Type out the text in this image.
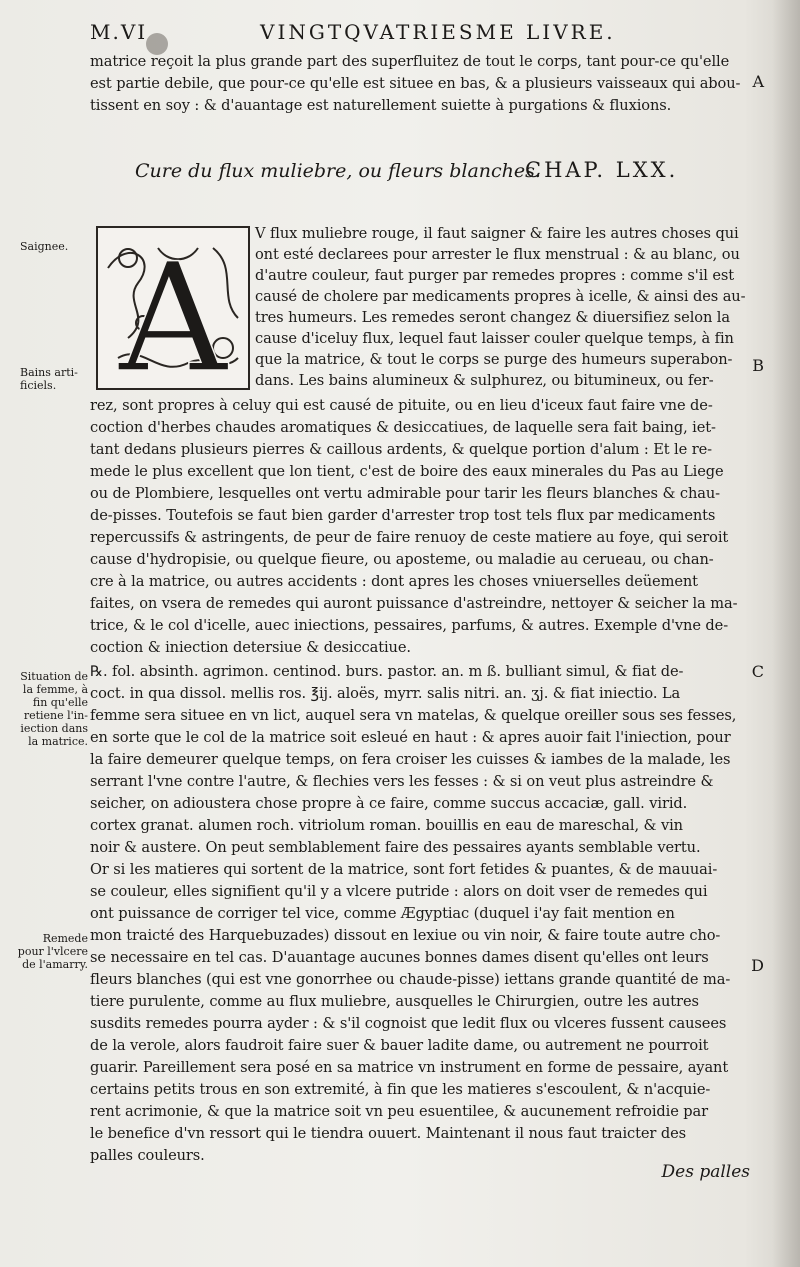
M.VI	VINGTQVATRIESME LIVRE.
matrice reçoit la plus grande part des superfluitez de tout le corps, tant pour-ce qu'elle
est partie debile, que pour-ce qu'elle est situee en bas, & a plusieurs vaisseaux qui abou-
tissent en soy : & d'auantage est naturellement suiette à purgations & fluxions.
Cure du flux muliebre, ou fleurs blanches.
CHAP. LXX.
A V flux muliebre rouge, il faut saigner & faire les autres choses qui
ont esté declarees pour arrester le flux menstrual : & au blanc, ou
d'autre couleur, faut purger par remedes propres : comme s'il est
causé de cholere par medicaments propres à icelle, & ainsi des au-
tres humeurs. Les remedes seront changez & diuersifiez selon la
cause d'iceluy flux, lequel faut laisser couler quelque temps, à fin
que la matrice, & tout le corps se purge des humeurs superabon-
dans. Les bains alumineux & sulphurez, ou bitumineux, ou fer-
rez, sont propres à celuy qui est causé de pituite, ou en lieu d'iceux faut faire vne de-
coction d'herbes chaudes aromatiques & desiccatiues, de laquelle sera fait baing, iet-
tant dedans plusieurs pierres & caillous ardents, & quelque portion d'alum : Et le re-
mede le plus excellent que lon tient, c'est de boire des eaux minerales du Pas au Liege
ou de Plombiere, lesquelles ont vertu admirable pour tarir les fleurs blanches & chau-
de-pisses. Toutefois se faut bien garder d'arrester trop tost tels flux par medicaments
repercussifs & astringents, de peur de faire renuoy de ceste matiere au foye, qui seroit
cause d'hydropisie, ou quelque fieure, ou aposteme, ou maladie au cerueau, ou chan-
cre à la matrice, ou autres accidents : dont apres les choses vniuerselles deüement
faites, on vsera de remedes qui auront puissance d'astreindre, nettoyer & seicher la ma-
trice, & le col d'icelle, auec iniections, pessaires, parfums, & autres. Exemple d'vne de-
coction & iniection detersiue & desiccatiue.
℞. fol. absinth. agrimon. centinod. burs. pastor. an. m ß. bulliant simul, & fiat de-
coct. in qua dissol. mellis ros. ℥ij. aloës, myrr. salis nitri. an. ʒj. & fiat iniectio. La
femme sera situee en vn lict, auquel sera vn matelas, & quelque oreiller sous ses fesses,
en sorte que le col de la matrice soit esleué en haut : & apres auoir fait l'iniection, pour
la faire demeurer quelque temps, on fera croiser les cuisses & iambes de la malade, les
serrant l'vne contre l'autre, & flechies vers les fesses : & si on veut plus astreindre &
seicher, on adioustera chose propre à ce faire, comme succus accaciæ, gall. virid.
cortex granat. alumen roch. vitriolum roman. bouillis en eau de mareschal, & vin
noir & austere. On peut semblablement faire des pessaires ayants semblable vertu.
Or si les matieres qui sortent de la matrice, sont fort fetides & puantes, & de mauuai-
se couleur, elles signifient qu'il y a vlcere putride : alors on doit vser de remedes qui
ont puissance de corriger tel vice, comme Ægyptiac (duquel i'ay fait mention en
mon traicté des Harquebuzades) dissout en lexiue ou vin noir, & faire toute autre cho-
se necessaire en tel cas. D'auantage aucunes bonnes dames disent qu'elles ont leurs
fleurs blanches (qui est vne gonorrhee ou chaude-pisse) iettans grande quantité de ma-
tiere purulente, comme au flux muliebre, ausquelles le Chirurgien, outre les autres
susdits remedes pourra ayder : & s'il cognoist que ledit flux ou vlceres fussent causees
de la verole, alors faudroit faire suer & bauer ladite dame, ou autrement ne pourroit
guarir. Pareillement sera posé en sa matrice vn instrument en forme de pessaire, ayant
certains petits trous en son extremité, à fin que les matieres s'escoulent, & n'acquie-
rent acrimonie, & que la matrice soit vn peu esuentilee, & aucunement refroidie par
le benefice d'vn ressort qui le tiendra ouuert. Maintenant il nous faut traicter des
palles couleurs.
Saignee.
Bains arti-
ficiels.
Situation de
la femme, à
fin qu'elle
retiene l'in-
iection dans
la matrice.
Remede
pour l'vlcere
de l'amarry.
A
B
C
D
Des palles
